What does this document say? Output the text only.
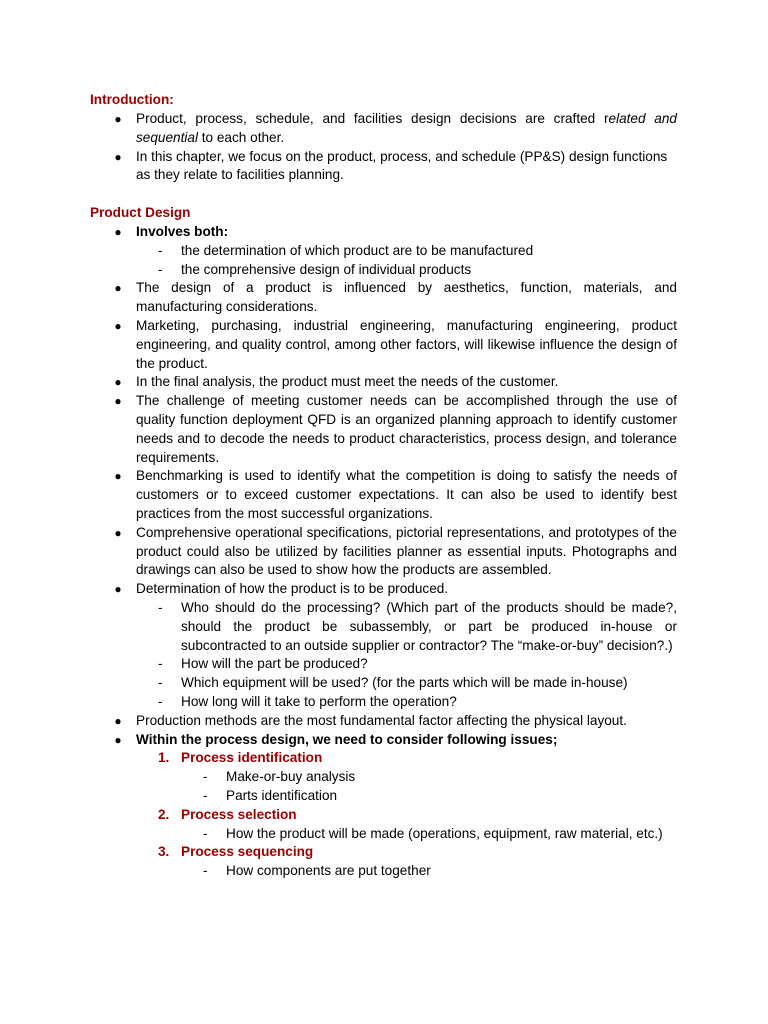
Introduction:
● Product, process, schedule, and facilities design decisions are crafted related and sequential to each other.
● In this chapter, we focus on the product, process, and schedule (PP&S) design functions as they relate to facilities planning.
Product Design
● Involves both:
- the determination of which product are to be manufactured
- the comprehensive design of individual products
● The design of a product is influenced by aesthetics, function, materials, and manufacturing considerations.
● Marketing, purchasing, industrial engineering, manufacturing engineering, product engineering, and quality control, among other factors, will likewise influence the design of the product.
● In the final analysis, the product must meet the needs of the customer.
● The challenge of meeting customer needs can be accomplished through the use of quality function deployment QFD is an organized planning approach to identify customer needs and to decode the needs to product characteristics, process design, and tolerance requirements.
● Benchmarking is used to identify what the competition is doing to satisfy the needs of customers or to exceed customer expectations. It can also be used to identify best practices from the most successful organizations.
● Comprehensive operational specifications, pictorial representations, and prototypes of the product could also be utilized by facilities planner as essential inputs. Photographs and drawings can also be used to show how the products are assembled.
● Determination of how the product is to be produced.
- Who should do the processing? (Which part of the products should be made?, should the product be subassembly, or part be produced in-house or subcontracted to an outside supplier or contractor? The “make-or-buy” decision?.)
- How will the part be produced?
- Which equipment will be used? (for the parts which will be made in-house)
- How long will it take to perform the operation?
● Production methods are the most fundamental factor affecting the physical layout.
● Within the process design, we need to consider following issues;
1. Process identification
- Make-or-buy analysis
- Parts identification
2. Process selection
- How the product will be made (operations, equipment, raw material, etc.)
3. Process sequencing
- How components are put together
